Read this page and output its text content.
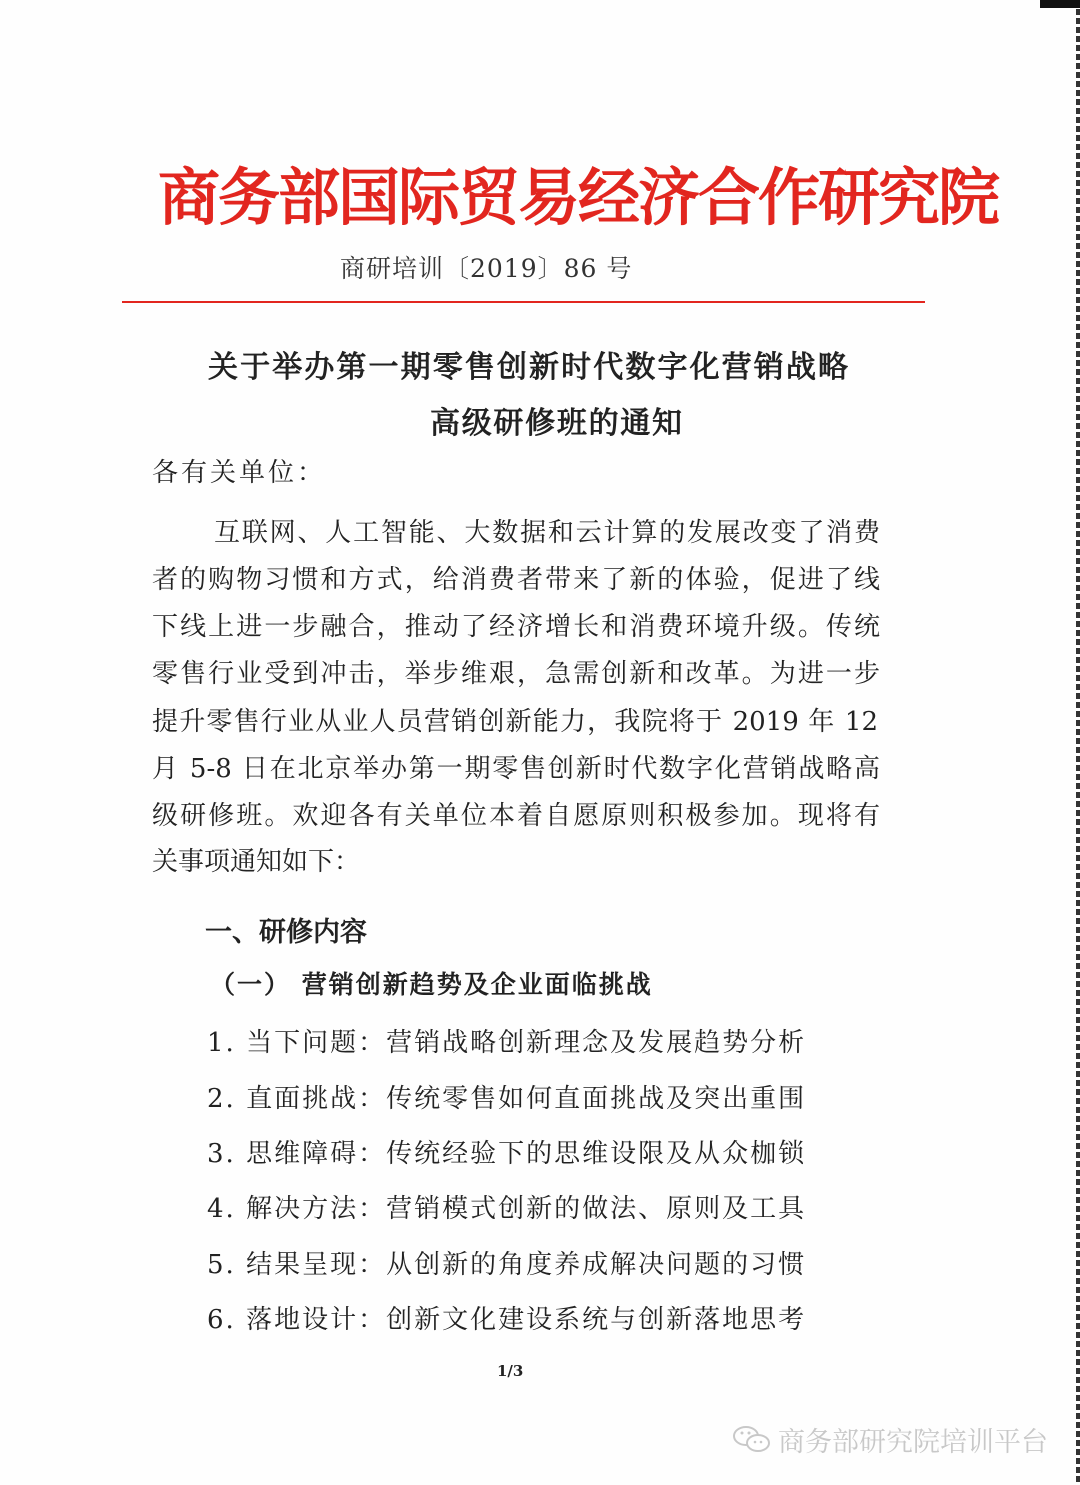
商务部国际贸易经济合作研究院
商研培训〔2019〕86 号
关于举办第一期零售创新时代数字化营销战略
高级研修班的通知
各有关单位：
互联网、人工智能、大数据和云计算的发展改变了消费
者的购物习惯和方式，给消费者带来了新的体验，促进了线
下线上进一步融合，推动了经济增长和消费环境升级。传统
零售行业受到冲击，举步维艰，急需创新和改革。为进一步
提升零售行业从业人员营销创新能力，我院将于 2019 年 12
月 5-8 日在北京举办第一期零售创新时代数字化营销战略高
级研修班。欢迎各有关单位本着自愿原则积极参加。现将有
关事项通知如下：
一、研修内容
（一） 营销创新趋势及企业面临挑战
1. 当下问题：营销战略创新理念及发展趋势分析
2. 直面挑战：传统零售如何直面挑战及突出重围
3. 思维障碍：传统经验下的思维设限及从众枷锁
4. 解决方法：营销模式创新的做法、原则及工具
5. 结果呈现：从创新的角度养成解决问题的习惯
6. 落地设计：创新文化建设系统与创新落地思考
1/3
商务部研究院培训平台
